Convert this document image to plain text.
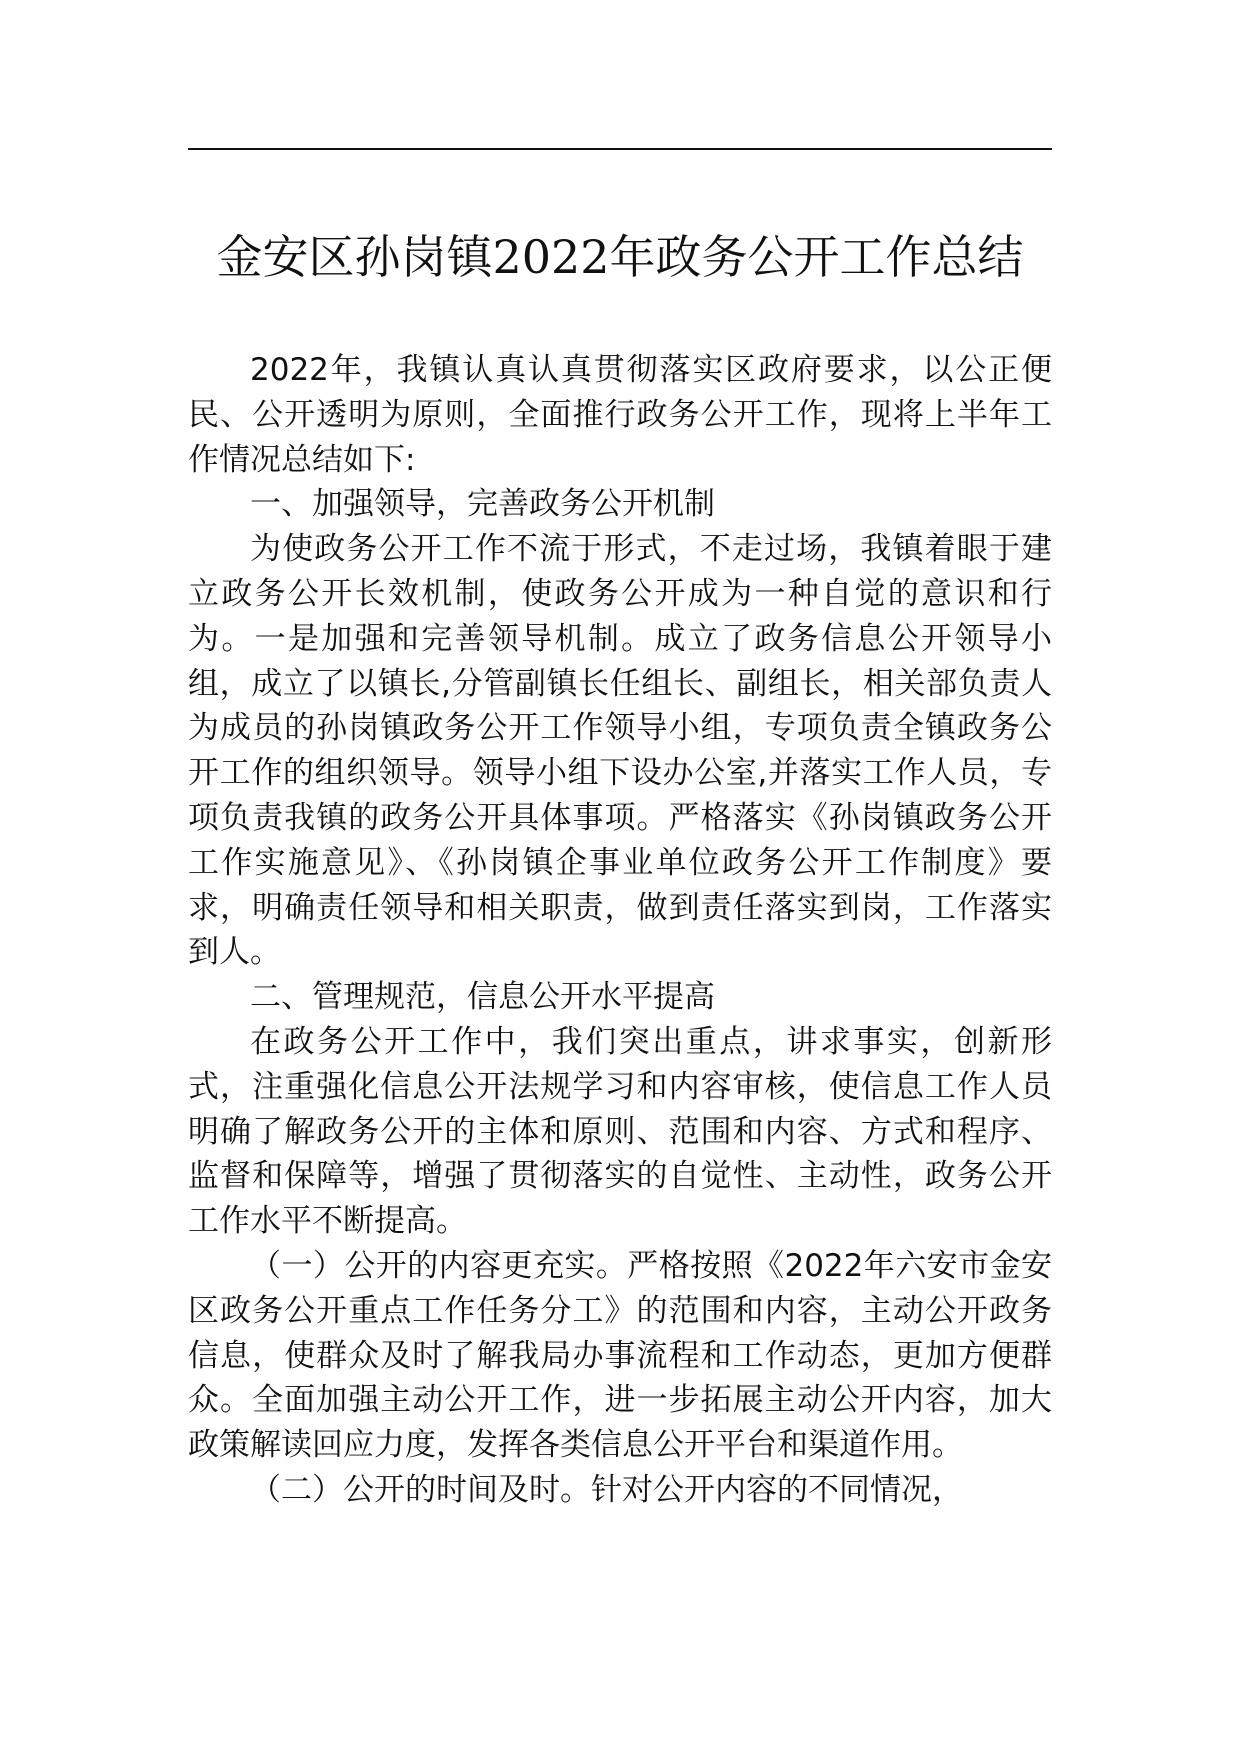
金安区孙岗镇2022年政务公开工作总结

2022年，我镇认真认真贯彻落实区政府要求，以公正便民、公开透明为原则，全面推行政务公开工作，现将上半年工作情况总结如下:

一、加强领导，完善政务公开机制

为使政务公开工作不流于形式，不走过场，我镇着眼于建立政务公开长效机制，使政务公开成为一种自觉的意识和行为。一是加强和完善领导机制。成立了政务信息公开领导小组，成立了以镇长,分管副镇长任组长、副组长，相关部负责人为成员的孙岗镇政务公开工作领导小组，专项负责全镇政务公开工作的组织领导。领导小组下设办公室,并落实工作人员，专项负责我镇的政务公开具体事项。严格落实《孙岗镇政务公开工作实施意见》、《孙岗镇企事业单位政务公开工作制度》要求，明确责任领导和相关职责，做到责任落实到岗，工作落实到人。

二、管理规范，信息公开水平提高

在政务公开工作中，我们突出重点，讲求事实，创新形式，注重强化信息公开法规学习和内容审核，使信息工作人员明确了解政务公开的主体和原则、范围和内容、方式和程序、监督和保障等，增强了贯彻落实的自觉性、主动性，政务公开工作水平不断提高。

（一）公开的内容更充实。严格按照《2022年六安市金安区政务公开重点工作任务分工》的范围和内容，主动公开政务信息，使群众及时了解我局办事流程和工作动态，更加方便群众。全面加强主动公开工作，进一步拓展主动公开内容，加大政策解读回应力度，发挥各类信息公开平台和渠道作用。

（二）公开的时间及时。针对公开内容的不同情况，
